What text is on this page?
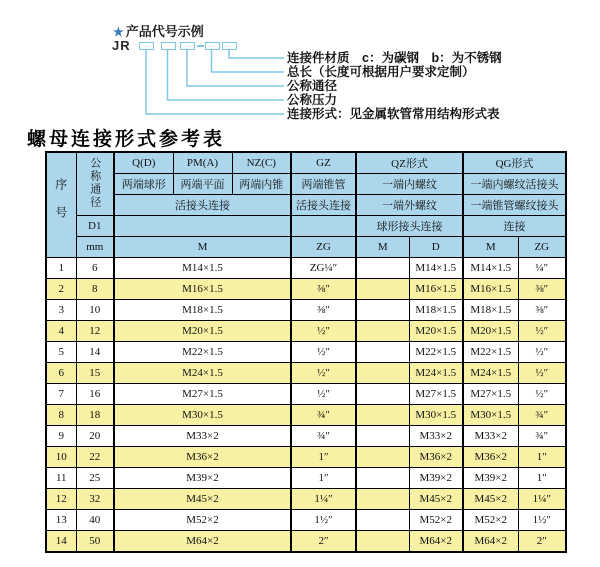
★ 产品代号示例
JR
连接件材质　c：为碳钢　b：为不锈钢
总长（长度可根据用户要求定制）
公称通径
公称压力
连接形式：见金属软管常用结构形式表
螺母连接形式参考表
序号	公称通径	Q(D)	PM(A)	NZ(C)	GZ	QZ形式		QG形式	
		两端球形	两端平面	两端内锥	两端锥管	一端内螺纹		一端内螺纹活接头	
		活接头连接			活接头连接	一端外螺纹		一端锥管螺纹接头	
	D1					球形接头连接		连接	
	mm	M			ZG	M	D	M	ZG
1	6	M14×1.5			ZG¼″		M14×1.5	M14×1.5	¼″
2	8	M16×1.5			⅜″		M16×1.5	M16×1.5	⅜″
3	10	M18×1.5			⅜″		M18×1.5	M18×1.5	⅜″
4	12	M20×1.5			½″		M20×1.5	M20×1.5	½″
5	14	M22×1.5			½″		M22×1.5	M22×1.5	½″
6	15	M24×1.5			½″		M24×1.5	M24×1.5	½″
7	16	M27×1.5			½″		M27×1.5	M27×1.5	½″
8	18	M30×1.5			¾″		M30×1.5	M30×1.5	¾″
9	20	M33×2			¾″		M33×2	M33×2	¾″
10	22	M36×2			1″		M36×2	M36×2	1″
11	25	M39×2			1″		M39×2	M39×2	1″
12	32	M45×2			1¼″		M45×2	M45×2	1¼″
13	40	M52×2			1½″		M52×2	M52×2	1½″
14	50	M64×2			2″		M64×2	M64×2	2″
